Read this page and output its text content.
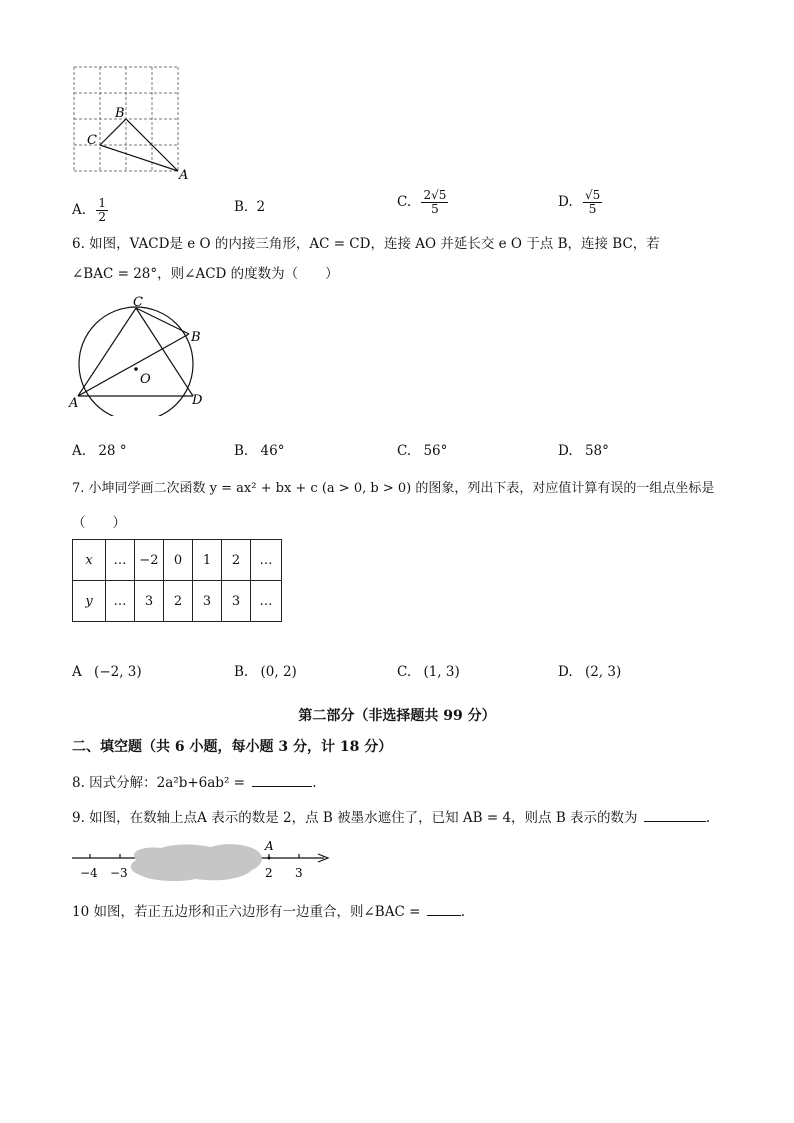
B
C
A
A. $\frac{1}{2}$	B. 2	C. $\frac{2√5}{5}$	D. $\frac{√5}{5}$
6. 如图，VACD是 e O 的内接三角形，AC = CD，连接 AO 并延长交 e O 于点 B，连接 BC，若
∠BAC = 28°，则∠ACD 的度数为（　　）
C
B
O
A	D
A. 28 °	B. 46°	C. 56°	D. 58°
7. 小坤同学画二次函数 y = ax² + bx + c (a > 0, b > 0) 的图象，列出下表，对应值计算有误的一组点坐标是
（　　）
x	…	−2	0	1	2	…
y	…	3	2	3	3	…
A (−2, 3)	B. (0, 2)	C. (1, 3)	D. (2, 3)
第二部分（非选择题共 99 分）
二、填空题（共 6 小题，每小题 3 分，计 18 分）
8. 因式分解：2a²b+6ab² =	.
9. 如图，在数轴上点A 表示的数是 2，点 B 被墨水遮住了，已知 AB = 4，则点 B 表示的数为	.
A
−4 −3	2 3
10 如图，若正五边形和正六边形有一边重合，则∠BAC =	.
